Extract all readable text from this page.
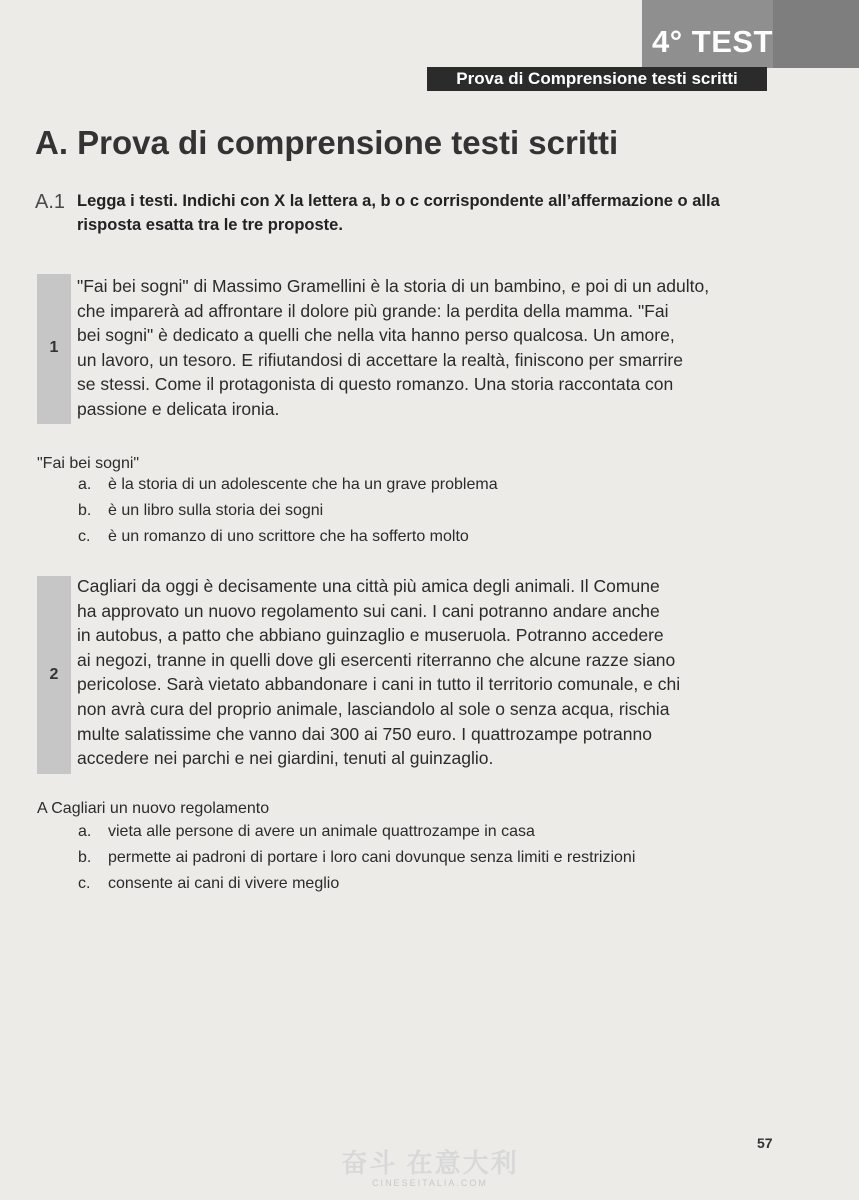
4° TEST
Prova di Comprensione testi scritti
A. Prova di comprensione testi scritti
A.1 Legga i testi. Indichi con X la lettera a, b o c corrispondente all’affermazione o alla risposta esatta tra le tre proposte.
1
"Fai bei sogni" di Massimo Gramellini è la storia di un bambino, e poi di un adulto,
che imparerà ad affrontare il dolore più grande: la perdita della mamma. "Fai
bei sogni" è dedicato a quelli che nella vita hanno perso qualcosa. Un amore,
un lavoro, un tesoro. E rifiutandosi di accettare la realtà, finiscono per smarrire
se stessi. Come il protagonista di questo romanzo. Una storia raccontata con
passione e delicata ironia.
"Fai bei sogni"
a. è la storia di un adolescente che ha un grave problema
b. è un libro sulla storia dei sogni
c. è un romanzo di uno scrittore che ha sofferto molto
2
Cagliari da oggi è decisamente una città più amica degli animali. Il Comune
ha approvato un nuovo regolamento sui cani. I cani potranno andare anche
in autobus, a patto che abbiano guinzaglio e museruola. Potranno accedere
ai negozi, tranne in quelli dove gli esercenti riterranno che alcune razze siano
pericolose. Sarà vietato abbandonare i cani in tutto il territorio comunale, e chi
non avrà cura del proprio animale, lasciandolo al sole o senza acqua, rischia
multe salatissime che vanno dai 300 ai 750 euro. I quattrozampe potranno
accedere nei parchi e nei giardini, tenuti al guinzaglio.
A Cagliari un nuovo regolamento
a. vieta alle persone di avere un animale quattrozampe in casa
b. permette ai padroni di portare i loro cani dovunque senza limiti e restrizioni
c. consente ai cani di vivere meglio
57
奋斗 在意大利
CINESEITALIA.COM
